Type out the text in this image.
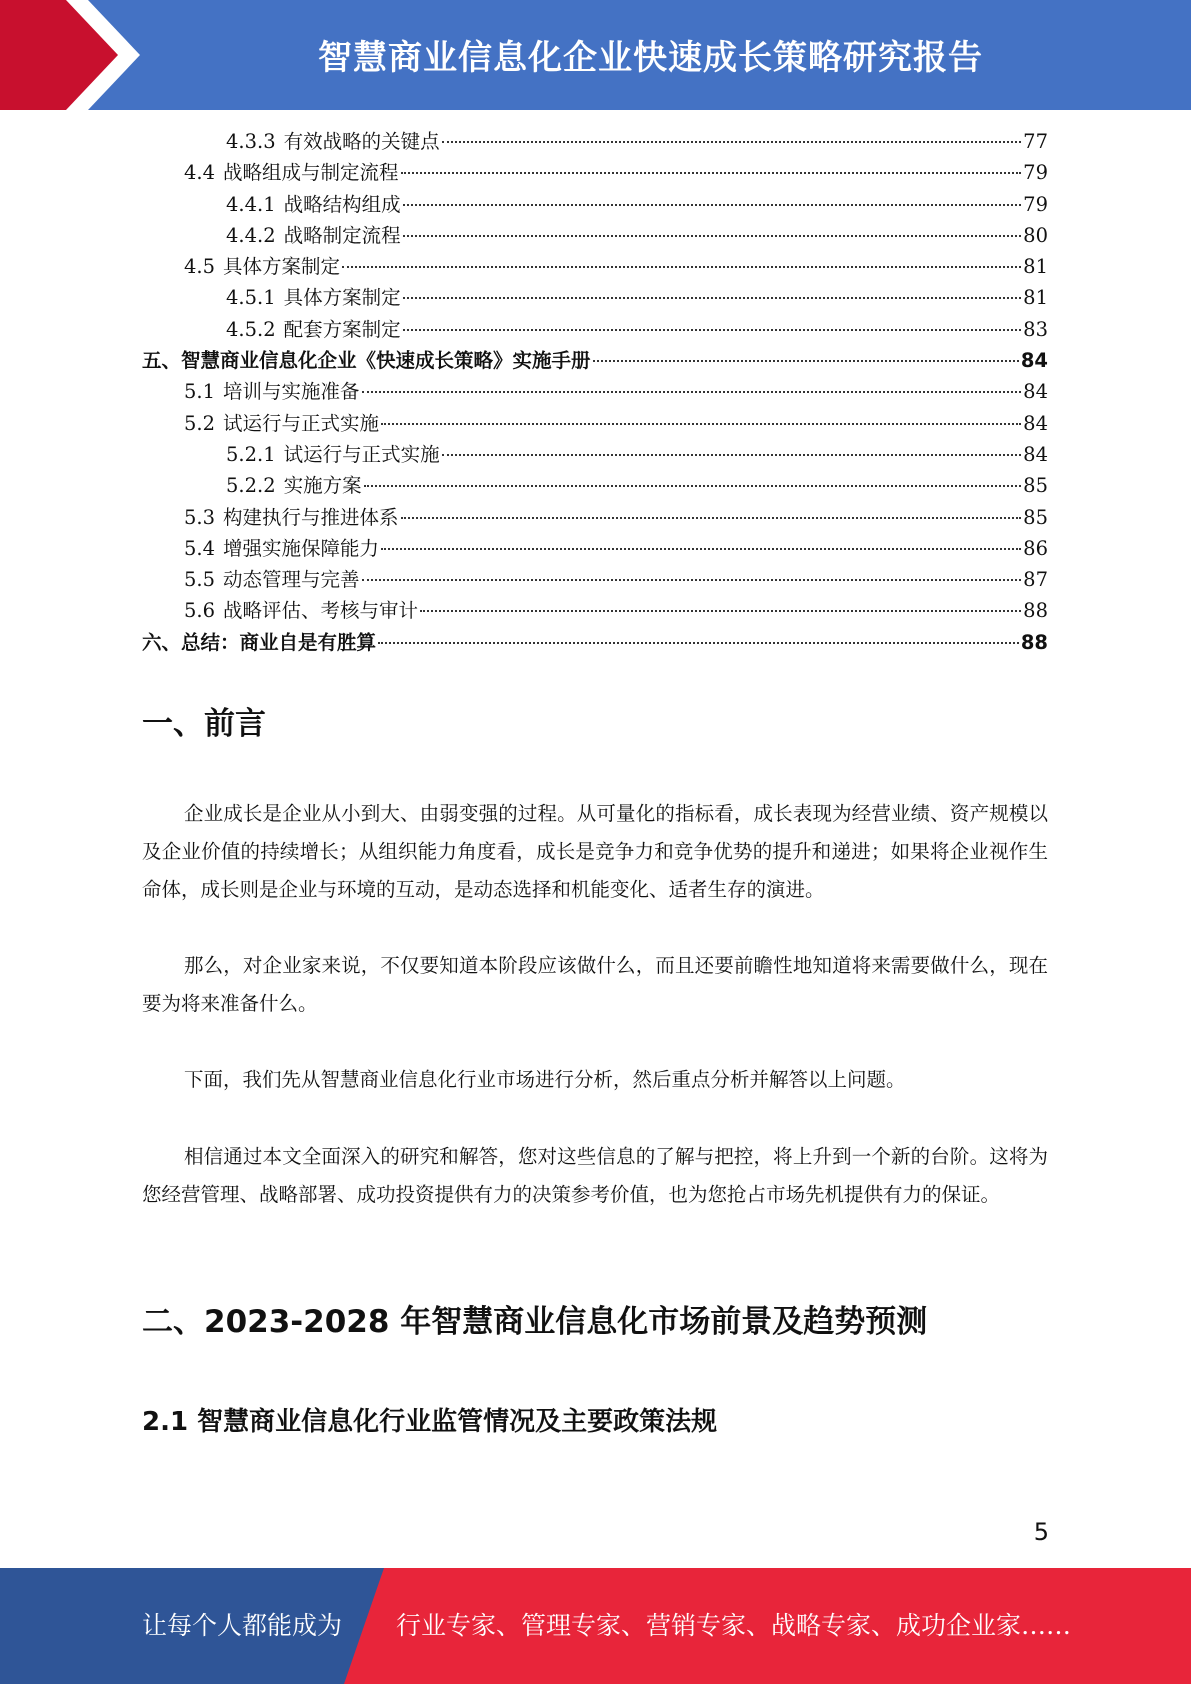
智慧商业信息化企业快速成长策略研究报告
4.3.3 有效战略的关键点	77
4.4 战略组成与制定流程	79
4.4.1 战略结构组成	79
4.4.2 战略制定流程	80
4.5 具体方案制定	81
4.5.1 具体方案制定	81
4.5.2 配套方案制定	83
五、智慧商业信息化企业《快速成长策略》实施手册	84
5.1 培训与实施准备	84
5.2 试运行与正式实施	84
5.2.1 试运行与正式实施	84
5.2.2 实施方案	85
5.3 构建执行与推进体系	85
5.4 增强实施保障能力	86
5.5 动态管理与完善	87
5.6 战略评估、考核与审计	88
六、总结：商业自是有胜算	88
一、前言
企业成长是企业从小到大、由弱变强的过程。从可量化的指标看，成长表现为经营业绩、资产规模以及企业价值的持续增长；从组织能力角度看，成长是竞争力和竞争优势的提升和递进；如果将企业视作生命体，成长则是企业与环境的互动，是动态选择和机能变化、适者生存的演进。
那么，对企业家来说，不仅要知道本阶段应该做什么，而且还要前瞻性地知道将来需要做什么，现在要为将来准备什么。
下面，我们先从智慧商业信息化行业市场进行分析，然后重点分析并解答以上问题。
相信通过本文全面深入的研究和解答，您对这些信息的了解与把控，将上升到一个新的台阶。这将为您经营管理、战略部署、成功投资提供有力的决策参考价值，也为您抢占市场先机提供有力的保证。
二、2023-2028 年智慧商业信息化市场前景及趋势预测
2.1 智慧商业信息化行业监管情况及主要政策法规
5
让每个人都能成为 行业专家、管理专家、营销专家、战略专家、成功企业家……
